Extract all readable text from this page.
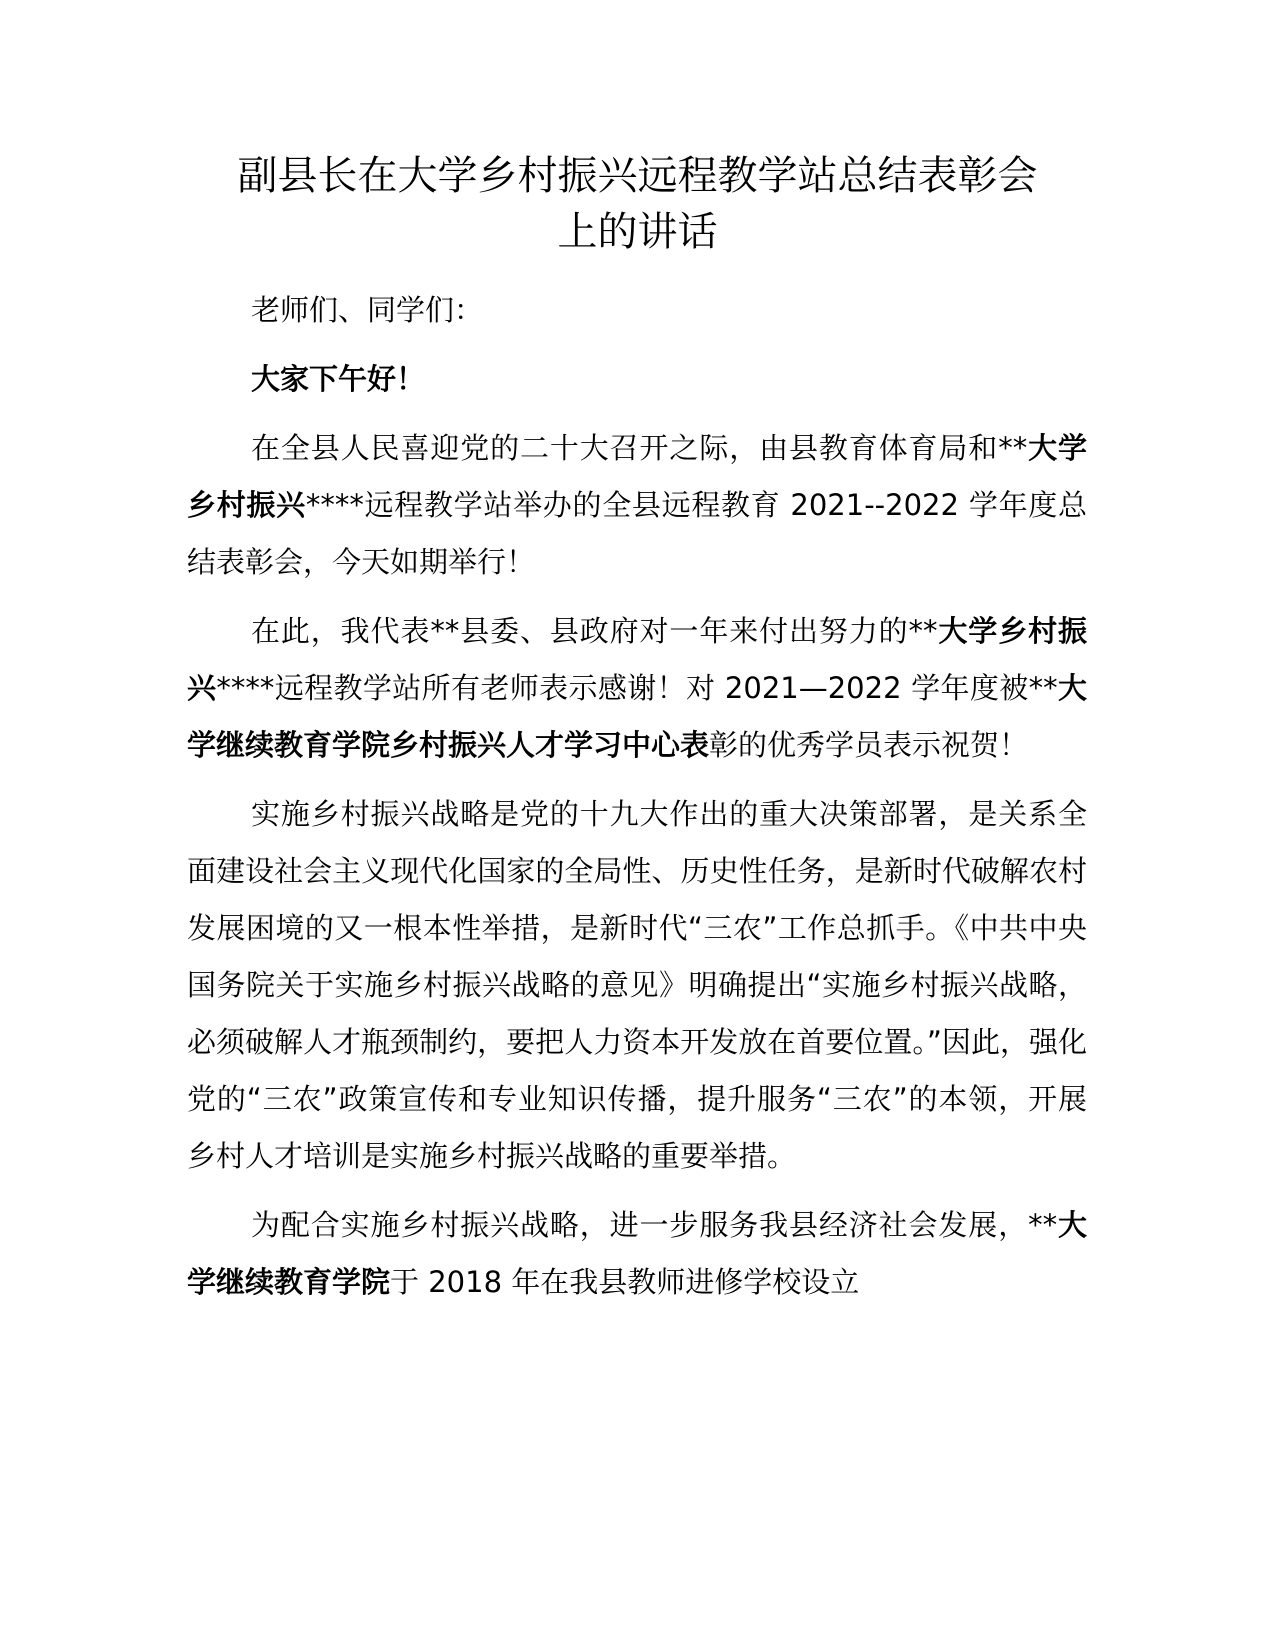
副县长在大学乡村振兴远程教学站总结表彰会
上的讲话

老师们、同学们：

大家下午好！

在全县人民喜迎党的二十大召开之际，由县教育体育局和**大学乡村振兴****远程教学站举办的全县远程教育 2021--2022 学年度总结表彰会，今天如期举行！

在此，我代表**县委、县政府对一年来付出努力的**大学乡村振兴****远程教学站所有老师表示感谢！对 2021—2022 学年度被**大学继续教育学院乡村振兴人才学习中心表彰的优秀学员表示祝贺！

实施乡村振兴战略是党的十九大作出的重大决策部署，是关系全面建设社会主义现代化国家的全局性、历史性任务，是新时代破解农村发展困境的又一根本性举措，是新时代“三农”工作总抓手。《中共中央国务院关于实施乡村振兴战略的意见》明确提出“实施乡村振兴战略，必须破解人才瓶颈制约，要把人力资本开发放在首要位置。”因此，强化党的“三农”政策宣传和专业知识传播，提升服务“三农”的本领，开展乡村人才培训是实施乡村振兴战略的重要举措。

为配合实施乡村振兴战略，进一步服务我县经济社会发展，**大学继续教育学院于 2018 年在我县教师进修学校设立
